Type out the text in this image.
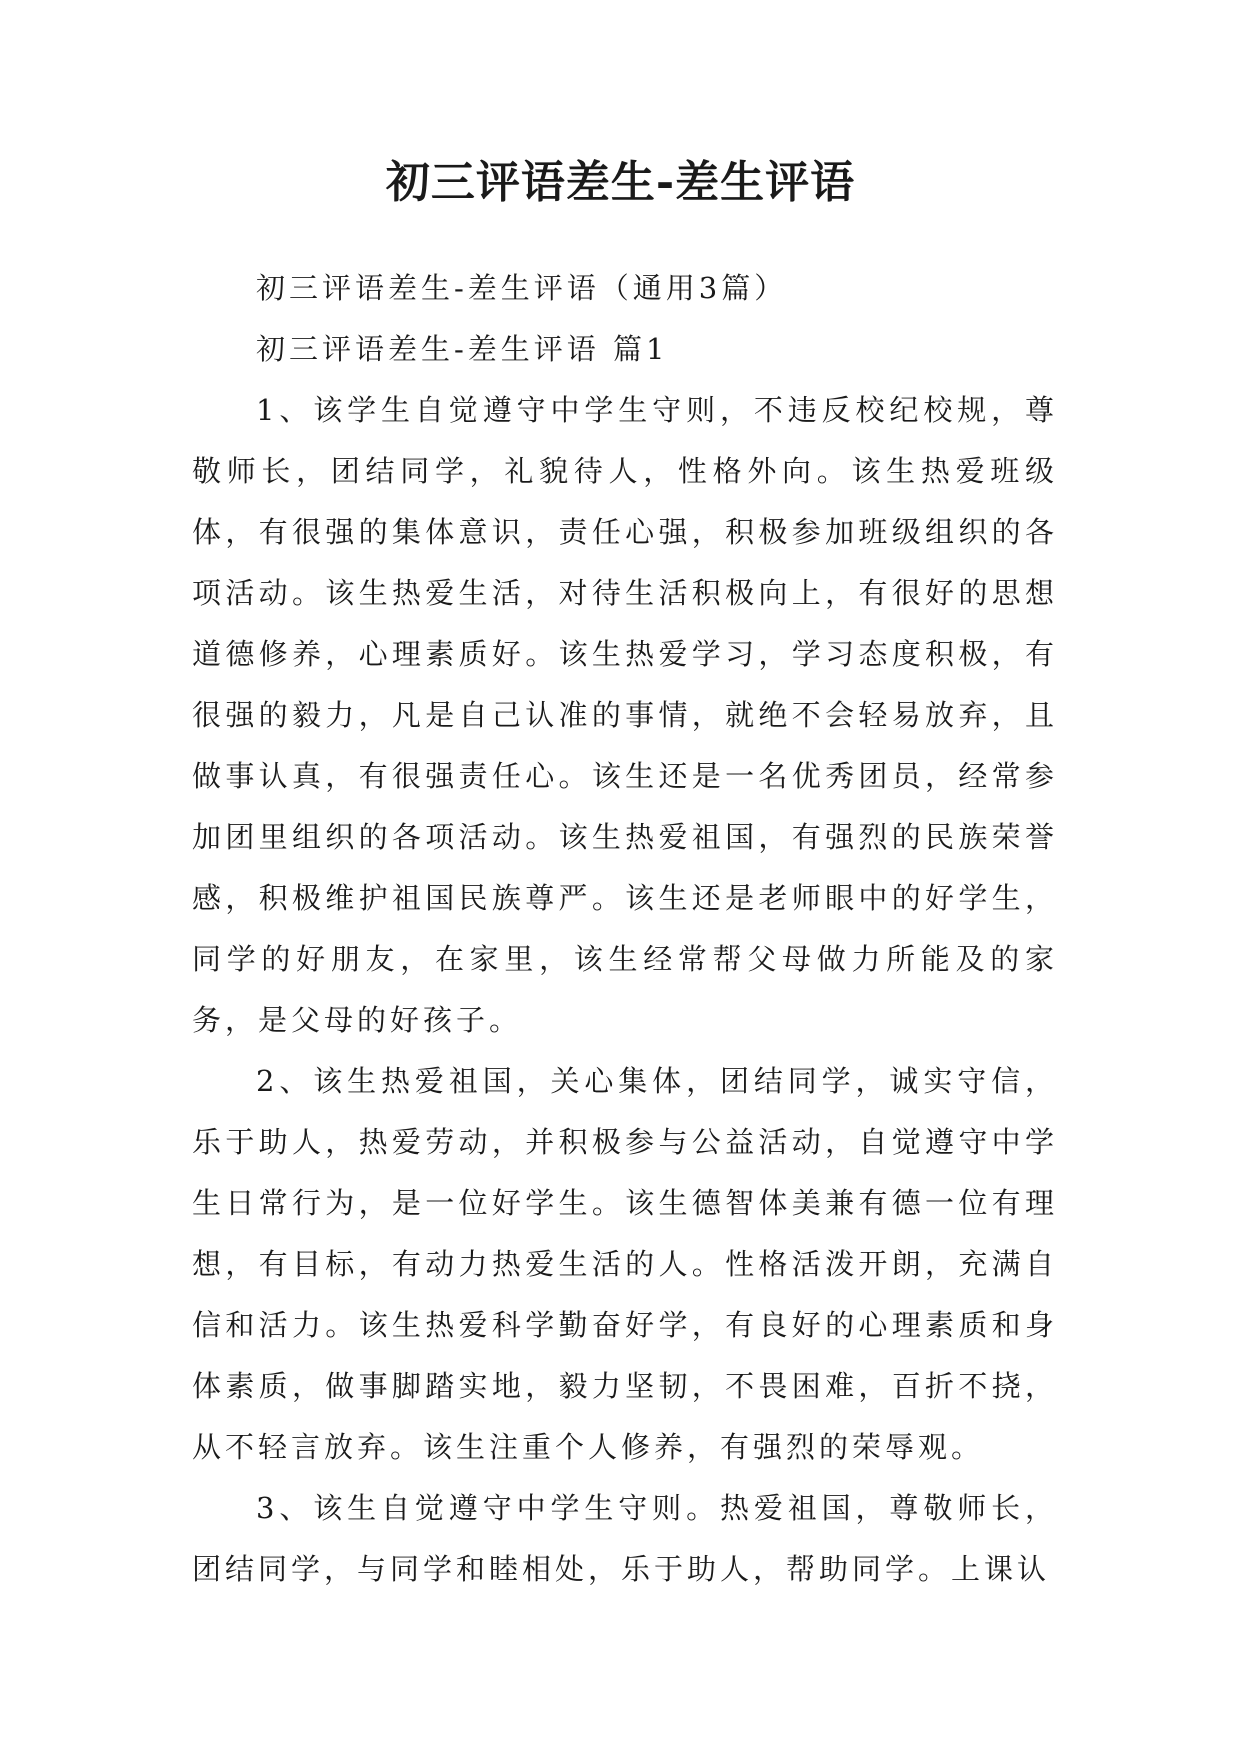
初三评语差生-差生评语

初三评语差生-差生评语（通用3篇）

初三评语差生-差生评语 篇1

1、该学生自觉遵守中学生守则，不违反校纪校规，尊敬师长，团结同学，礼貌待人，性格外向。该生热爱班级体，有很强的集体意识，责任心强，积极参加班级组织的各项活动。该生热爱生活，对待生活积极向上，有很好的思想道德修养，心理素质好。该生热爱学习，学习态度积极，有很强的毅力，凡是自己认准的事情，就绝不会轻易放弃，且做事认真，有很强责任心。该生还是一名优秀团员，经常参加团里组织的各项活动。该生热爱祖国，有强烈的民族荣誉感，积极维护祖国民族尊严。该生还是老师眼中的好学生，同学的好朋友，在家里，该生经常帮父母做力所能及的家务，是父母的好孩子。

2、该生热爱祖国，关心集体，团结同学，诚实守信，乐于助人，热爱劳动，并积极参与公益活动，自觉遵守中学生日常行为，是一位好学生。该生德智体美兼有德一位有理想，有目标，有动力热爱生活的人。性格活泼开朗，充满自信和活力。该生热爱科学勤奋好学，有良好的心理素质和身体素质，做事脚踏实地，毅力坚韧，不畏困难，百折不挠，从不轻言放弃。该生注重个人修养，有强烈的荣辱观。

3、该生自觉遵守中学生守则。热爱祖国，尊敬师长，团结同学，与同学和睦相处，乐于助人，帮助同学。上课认
